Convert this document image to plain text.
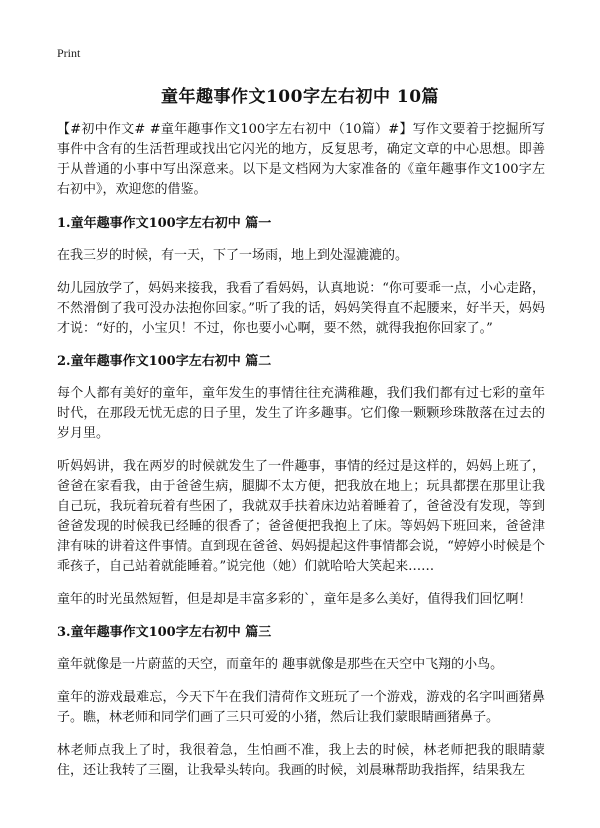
Print
童年趣事作文100字左右初中 10篇

【#初中作文# #童年趣事作文100字左右初中（10篇）#】写作文要着于挖掘所写事件中含有的生活哲理或找出它闪光的地方，反复思考，确定文章的中心思想。即善于从普通的小事中写出深意来。以下是文档网为大家准备的《童年趣事作文100字左右初中》，欢迎您的借鉴。

1.童年趣事作文100字左右初中 篇一

在我三岁的时候，有一天，下了一场雨，地上到处湿漉漉的。

幼儿园放学了，妈妈来接我，我看了看妈妈，认真地说：“你可要乖一点，小心走路，不然滑倒了我可没办法抱你回家。”听了我的话，妈妈笑得直不起腰来，好半天，妈妈才说：“好的，小宝贝！不过，你也要小心啊，要不然，就得我抱你回家了。”

2.童年趣事作文100字左右初中 篇二

每个人都有美好的童年，童年发生的事情往往充满稚趣，我们我们都有过七彩的童年时代，在那段无忧无虑的日子里，发生了许多趣事。它们像一颗颗珍珠散落在过去的岁月里。

听妈妈讲，我在两岁的时候就发生了一件趣事，事情的经过是这样的，妈妈上班了，爸爸在家看我，由于爸爸生病，腿脚不太方便，把我放在地上；玩具都摆在那里让我自己玩，我玩着玩着有些困了，我就双手扶着床边站着睡着了，爸爸没有发现，等到爸爸发现的时候我已经睡的很香了；爸爸便把我抱上了床。等妈妈下班回来，爸爸津津有味的讲着这件事情。直到现在爸爸、妈妈提起这件事情都会说，“婷婷小时候是个乖孩子，自己站着就能睡着。”说完他（她）们就哈哈大笑起来……

童年的时光虽然短暂，但是却是丰富多彩的`，童年是多么美好，值得我们回忆啊！

3.童年趣事作文100字左右初中 篇三

童年就像是一片蔚蓝的天空，而童年的 趣事就像是那些在天空中飞翔的小鸟。

童年的游戏最难忘，今天下午在我们清荷作文班玩了一个游戏，游戏的名字叫画猪鼻子。瞧，林老师和同学们画了三只可爱的小猪，然后让我们蒙眼睛画猪鼻子。

林老师点我上了时，我很着急，生怕画不准，我上去的时候，林老师把我的眼睛蒙住，还让我转了三圈，让我晕头转向。我画的时候，刘晨琳帮助我指挥，结果我左
